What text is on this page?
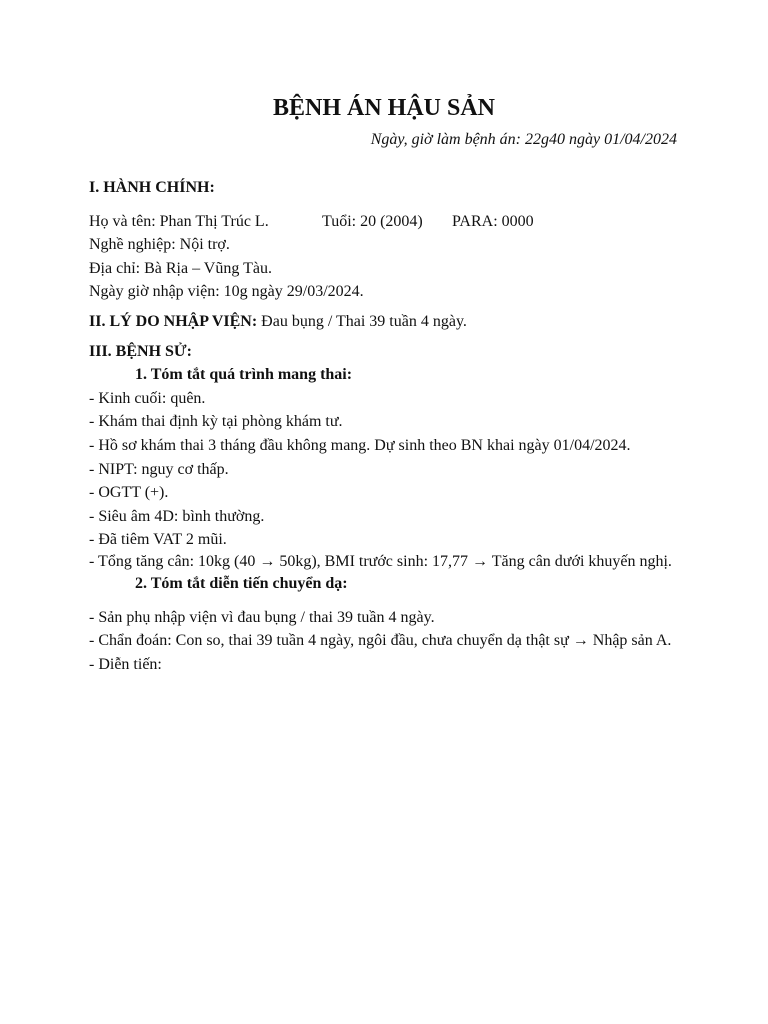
BỆNH ÁN HẬU SẢN
Ngày, giờ làm bệnh án: 22g40 ngày 01/04/2024

I. HÀNH CHÍNH:

Họ và tên: Phan Thị Trúc L.	Tuổi: 20 (2004) PARA: 0000

Nghề nghiệp: Nội trợ.

Địa chỉ: Bà Rịa – Vũng Tàu.

Ngày giờ nhập viện: 10g ngày 29/03/2024.

II. LÝ DO NHẬP VIỆN: Đau bụng / Thai 39 tuần 4 ngày.

III. BỆNH SỬ:

1. Tóm tắt quá trình mang thai:

- Kinh cuối: quên.

- Khám thai định kỳ tại phòng khám tư.

- Hồ sơ khám thai 3 tháng đầu không mang. Dự sinh theo BN khai ngày 01/04/2024.

- NIPT: nguy cơ thấp.

- OGTT (+).

- Siêu âm 4D: bình thường.

- Đã tiêm VAT 2 mũi.

- Tổng tăng cân: 10kg (40 → 50kg), BMI trước sinh: 17,77 → Tăng cân dưới khuyến nghị.

2. Tóm tắt diễn tiến chuyển dạ:

- Sản phụ nhập viện vì đau bụng / thai 39 tuần 4 ngày.

- Chẩn đoán: Con so, thai 39 tuần 4 ngày, ngôi đầu, chưa chuyển dạ thật sự → Nhập sản A.

- Diễn tiến:
